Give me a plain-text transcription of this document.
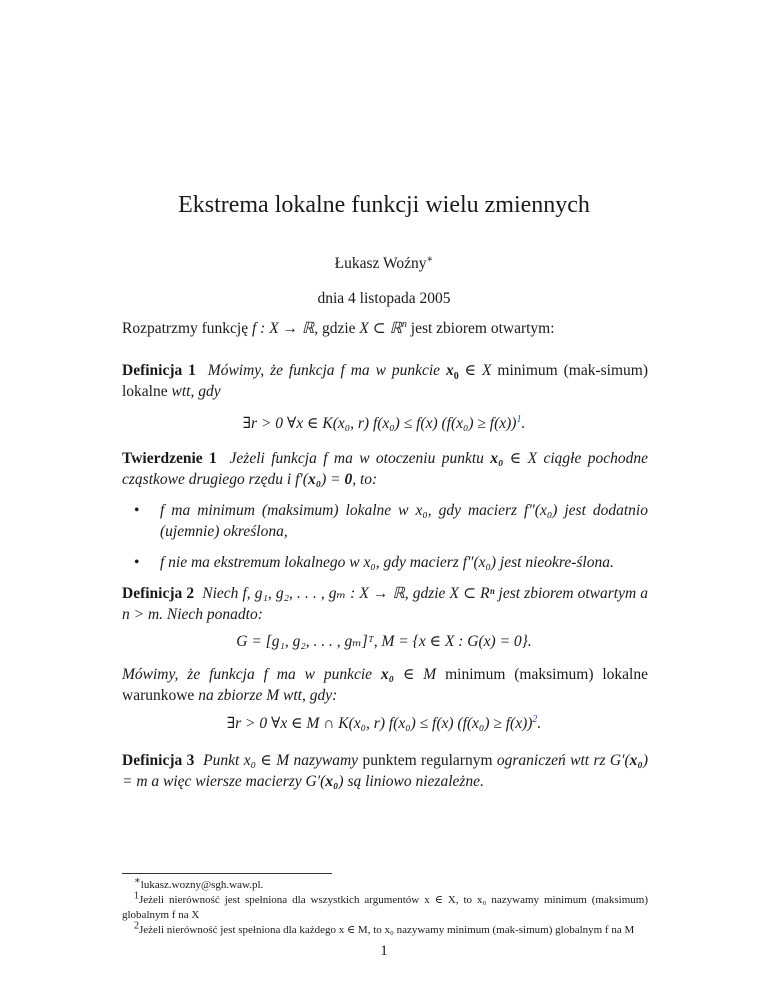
Ekstrema lokalne funkcji wielu zmiennych
Łukasz Woźny∗
dnia 4 listopada 2005
Rozpatrzmy funkcję f : X → ℝ, gdzie X ⊂ ℝ$^n$ jest zbiorem otwartym:
Definicja 1 Mówimy, że funkcja f ma w punkcie $x_0$ ∈ X minimum (mak-simum) lokalne wtt, gdy
∃r > 0 ∀x ∈ K(x₀, r) f(x₀) ≤ f(x) (f(x₀) ≥ f(x))$^1$.
Twierdzenie 1 Jeżeli funkcja f ma w otoczeniu punktu x₀ ∈ X ciągłe pochodne cząstkowe drugiego rzędu i f′(x₀) = 0, to:
• f ma minimum (maksimum) lokalne w x₀, gdy macierz f″(x₀) jest dodatnio (ujemnie) określona,
• f nie ma ekstremum lokalnego w x₀, gdy macierz f″(x₀) jest nieokre-ślona.
Definicja 2 Niech f, g₁, g₂, . . . , gₘ : X → ℝ, gdzie X ⊂ Rⁿ jest zbiorem otwartym a n > m. Niech ponadto:
G = [g₁, g₂, . . . , gₘ]ᵀ, M = {x ∈ X : G(x) = 0}.
Mówimy, że funkcja f ma w punkcie x₀ ∈ M minimum (maksimum) lokalne warunkowe na zbiorze M wtt, gdy:
∃r > 0 ∀x ∈ M ∩ K(x₀, r) f(x₀) ≤ f(x) (f(x₀) ≥ f(x))$^2$.
Definicja 3 Punkt x₀ ∈ M nazywamy punktem regularnym ograniczeń wtt rz G′(x₀) = m a więc wiersze macierzy G′(x₀) są liniowo niezależne.
∗lukasz.wozny@sgh.waw.pl.
$^1$Jeżeli nierówność jest spełniona dla wszystkich argumentów x ∈ X, to x₀ nazywamy minimum (maksimum) globalnym f na X
$^2$Jeżeli nierówność jest spełniona dla każdego x ∈ M, to x₀ nazywamy minimum (mak-simum) globalnym f na M
1
